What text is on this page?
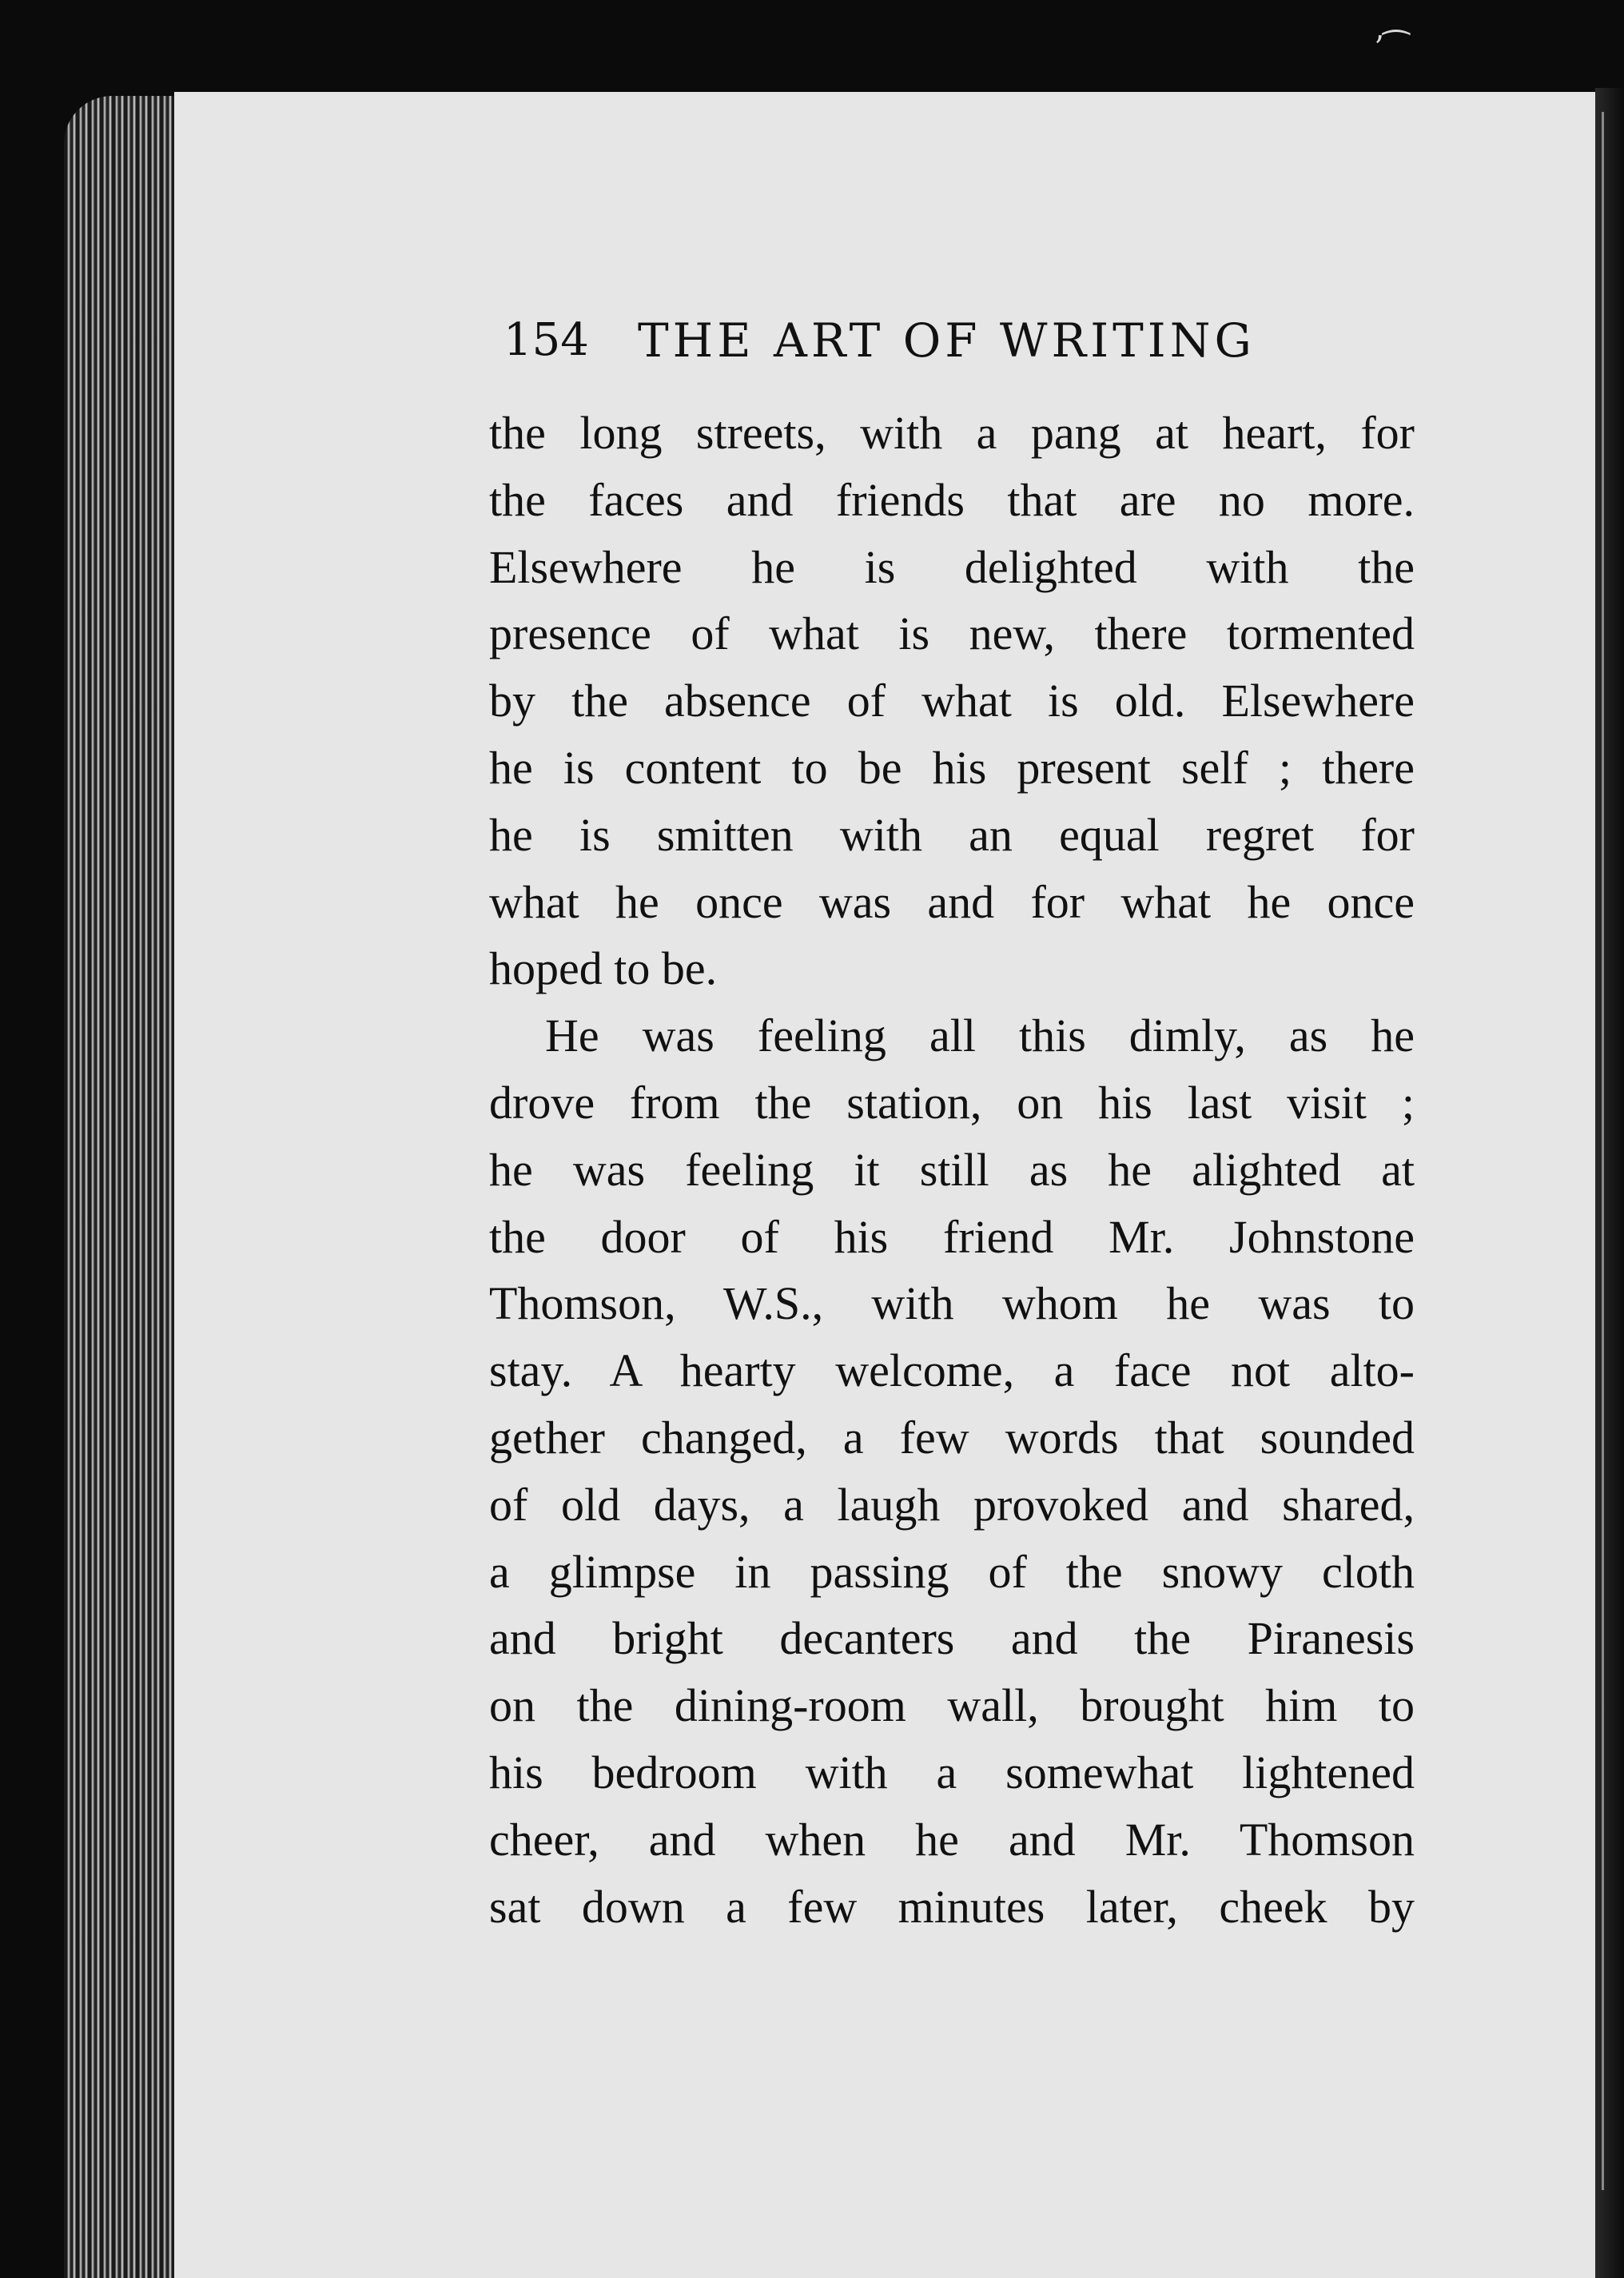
ʼ⁀
154 THE ART OF WRITING
the long streets, with a pang at heart, for
the faces and friends that are no more.
Elsewhere he is delighted with the
presence of what is new, there tormented
by the absence of what is old. Elsewhere
he is content to be his present self ; there
he is smitten with an equal regret for
what he once was and for what he once
hoped to be.
He was feeling all this dimly, as he
drove from the station, on his last visit ;
he was feeling it still as he alighted at
the door of his friend Mr. Johnstone
Thomson, W.S., with whom he was to
stay. A hearty welcome, a face not alto-
gether changed, a few words that sounded
of old days, a laugh provoked and shared,
a glimpse in passing of the snowy cloth
and bright decanters and the Piranesis
on the dining-room wall, brought him to
his bedroom with a somewhat lightened
cheer, and when he and Mr. Thomson
sat down a few minutes later, cheek by
